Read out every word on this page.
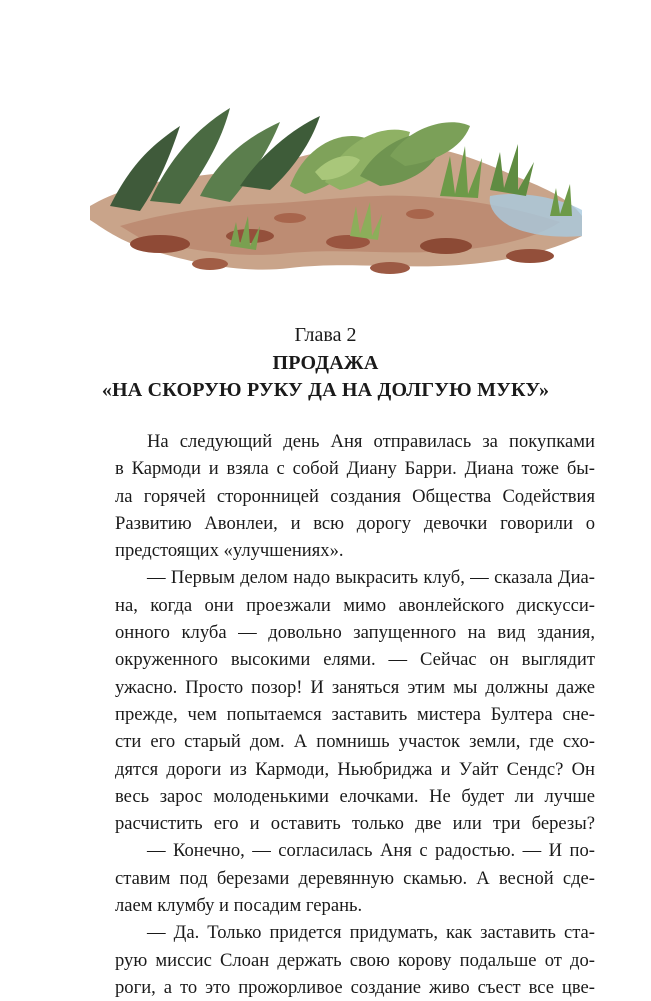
Глава 2
ПРОДАЖА
«НА СКОРУЮ РУКУ ДА НА ДОЛГУЮ МУКУ»
На следующий день Аня отправилась за покупками
в Кармоди и взяла с собой Диану Барри. Диана тоже бы-
ла горячей сторонницей создания Общества Содействия
Развитию Авонлеи, и всю дорогу девочки говорили о
предстоящих «улучшениях».
— Первым делом надо выкрасить клуб, — сказала Диа-
на, когда они проезжали мимо авонлейского дискусси-
онного клуба — довольно запущенного на вид здания,
окруженного высокими елями. — Сейчас он выглядит
ужасно. Просто позор! И заняться этим мы должны даже
прежде, чем попытаемся заставить мистера Бултера сне-
сти его старый дом. А помнишь участок земли, где схо-
дятся дороги из Кармоди, Ньюбриджа и Уайт Сендс? Он
весь зарос молоденькими елочками. Не будет ли лучше
расчистить его и оставить только две или три березы?
— Конечно, — согласилась Аня с радостью. — И по-
ставим под березами деревянную скамью. А весной сде-
лаем клумбу и посадим герань.
— Да. Только придется придумать, как заставить ста-
рую миссис Слоан держать свою корову подальше от до-
роги, а то это прожорливое создание живо съест все цве-
